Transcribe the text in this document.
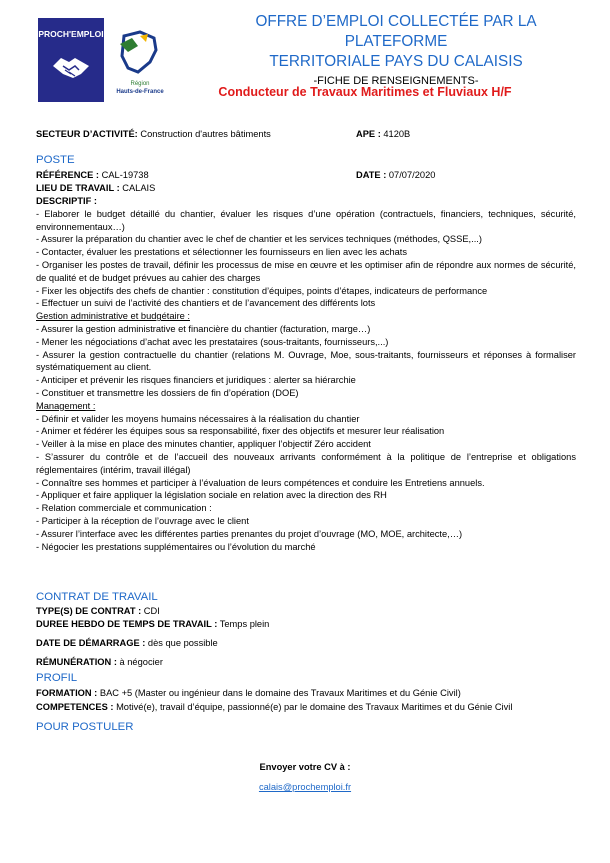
PROCH'EMPLOI
Région
Hauts-de-France
OFFRE D’EMPLOI COLLECTÉE PAR LA PLATEFORME
TERRITORIALE PAYS DU CALAISIS
-FICHE DE RENSEIGNEMENTS-
Conducteur de Travaux Maritimes et Fluviaux H/F
SECTEUR D’ACTIVITÉ: Construction d'autres bâtiments	APE : 4120B
POSTE
RÉFÉRENCE : CAL-19738	DATE : 07/07/2020
LIEU DE TRAVAIL : CALAIS

DESCRIPTIF :

- Elaborer le budget détaillé du chantier, évaluer les risques d’une opération (contractuels, financiers, techniques, sécurité, environnementaux…)

- Assurer la préparation du chantier avec le chef de chantier et les services techniques (méthodes, QSSE,...)

- Contacter, évaluer les prestations et sélectionner les fournisseurs en lien avec les achats

- Organiser les postes de travail, définir les processus de mise en œuvre et les optimiser afin de répondre aux normes de sécurité, de qualité et de budget prévues au cahier des charges

- Fixer les objectifs des chefs de chantier : constitution d’équipes, points d’étapes, indicateurs de performance

- Effectuer un suivi de l’activité des chantiers et de l’avancement des différents lots

Gestion administrative et budgétaire :

- Assurer la gestion administrative et financière du chantier (facturation, marge…)

- Mener les négociations d’achat avec les prestataires (sous-traitants, fournisseurs,...)

- Assurer la gestion contractuelle du chantier (relations M. Ouvrage, Moe, sous-traitants, fournisseurs et réponses à formaliser systématiquement au client.

- Anticiper et prévenir les risques financiers et juridiques : alerter sa hiérarchie

- Constituer et transmettre les dossiers de fin d’opération (DOE)

Management :

- Définir et valider les moyens humains nécessaires à la réalisation du chantier

- Animer et fédérer les équipes sous sa responsabilité, fixer des objectifs et mesurer leur réalisation

- Veiller à la mise en place des minutes chantier, appliquer l’objectif Zéro accident

- S’assurer du contrôle et de l’accueil des nouveaux arrivants conformément à la politique de l’entreprise et obligations réglementaires (intérim, travail illégal)

- Connaître ses hommes et participer à l’évaluation de leurs compétences et conduire les Entretiens annuels.

- Appliquer et faire appliquer la législation sociale en relation avec la direction des RH

- Relation commerciale et communication :

- Participer à la réception de l’ouvrage avec le client

- Assurer l’interface avec les différentes parties prenantes du projet d’ouvrage (MO, MOE, architecte,…)

- Négocier les prestations supplémentaires ou l’évolution du marché

CONTRAT DE TRAVAIL
TYPE(S) DE CONTRAT : CDI
DUREE HEBDO DE TEMPS DE TRAVAIL : Temps plein
DATE DE DÉMARRAGE : dès que possible
RÉMUNÉRATION : à négocier
PROFIL
FORMATION : BAC +5 (Master ou ingénieur dans le domaine des Travaux Maritimes et du Génie Civil)
COMPETENCES : Motivé(e), travail d’équipe, passionné(e) par le domaine des Travaux Maritimes et du Génie Civil
POUR POSTULER
Envoyer votre CV à :
calais@prochemploi.fr
